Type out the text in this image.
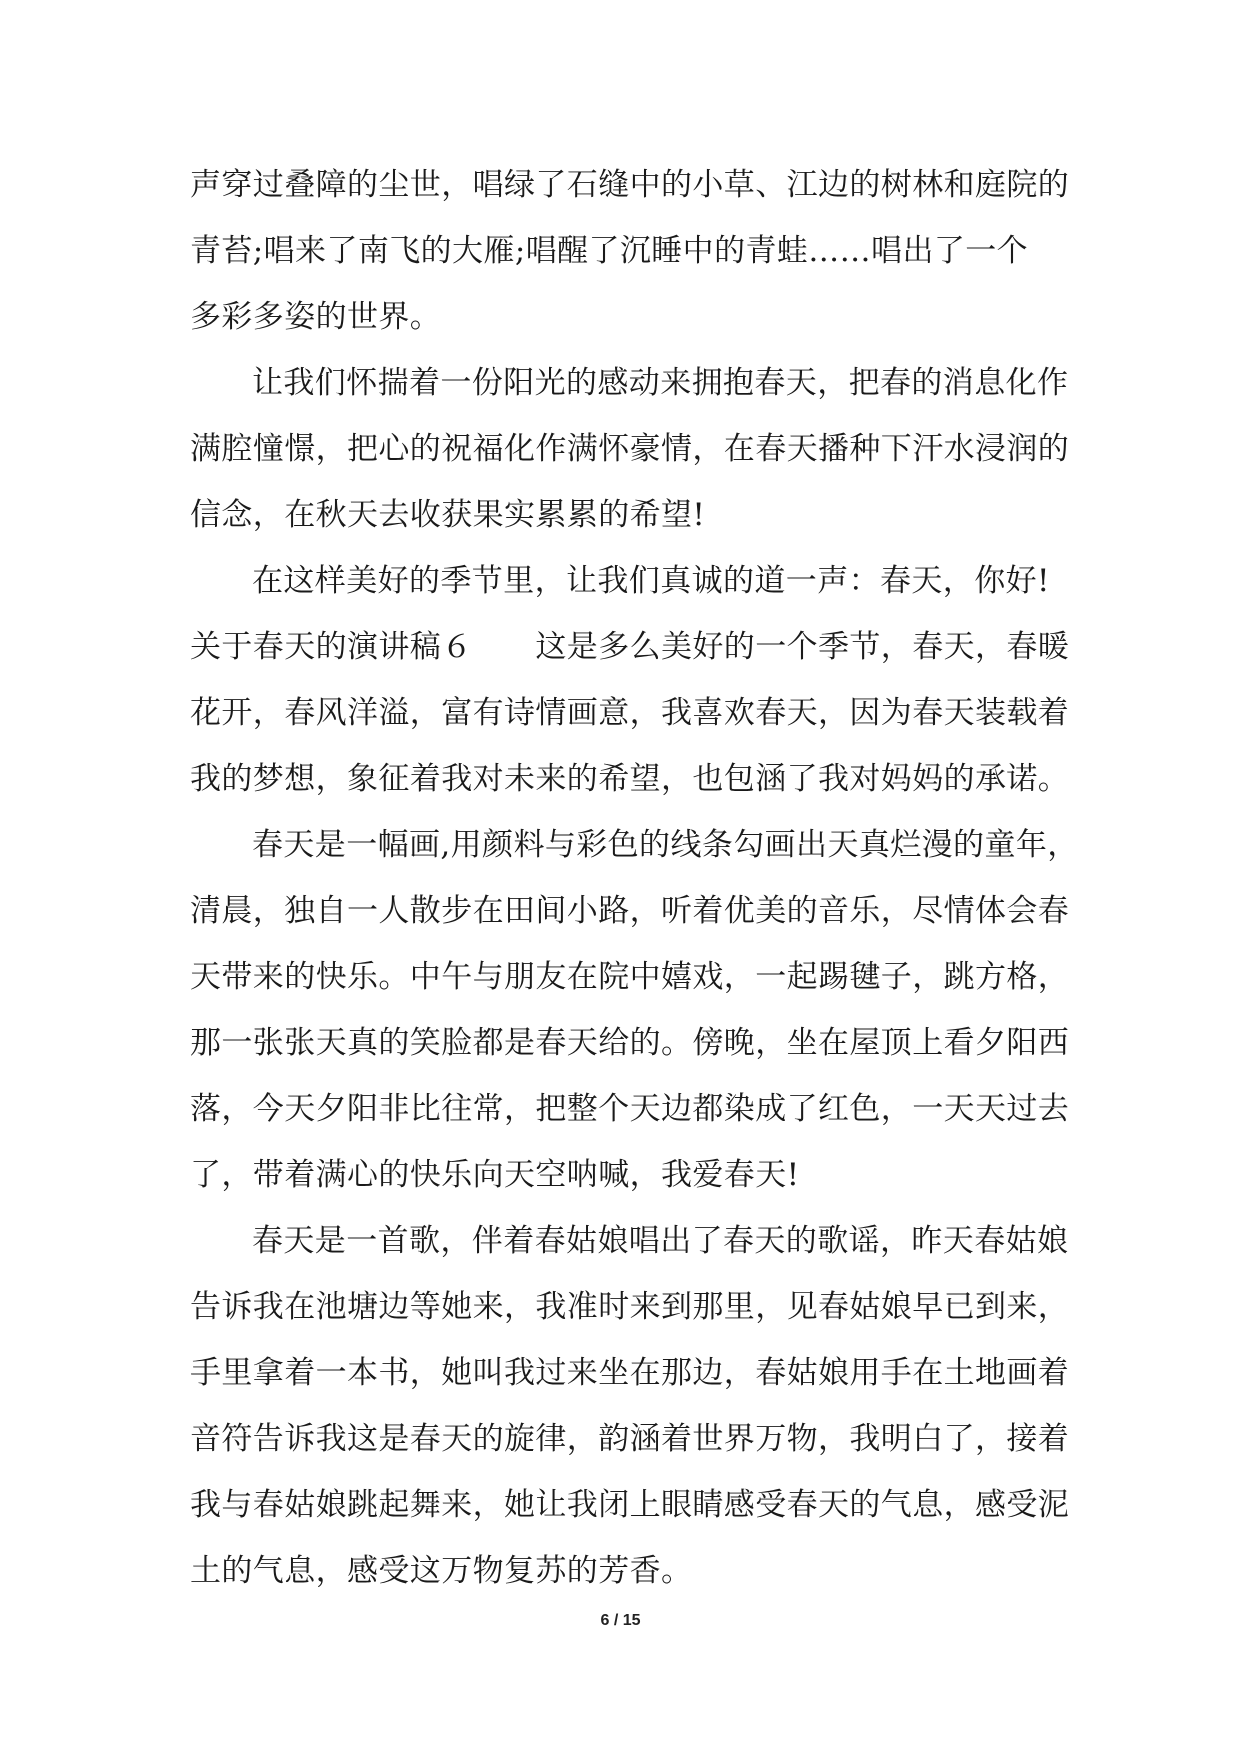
声穿过叠障的尘世，唱绿了石缝中的小草、江边的树林和庭院的
青苔;唱来了南飞的大雁;唱醒了沉睡中的青蛙……唱出了一个
多彩多姿的世界。
让我们怀揣着一份阳光的感动来拥抱春天，把春的消息化作
满腔憧憬，把心的祝福化作满怀豪情，在春天播种下汗水浸润的
信念，在秋天去收获果实累累的希望!
在这样美好的季节里，让我们真诚的道一声：春天，你好!
关于春天的演讲稿６　　这是多么美好的一个季节，春天，春暖
花开，春风洋溢，富有诗情画意，我喜欢春天，因为春天装载着
我的梦想，象征着我对未来的希望，也包涵了我对妈妈的承诺。
春天是一幅画,用颜料与彩色的线条勾画出天真烂漫的童年，
清晨，独自一人散步在田间小路，听着优美的音乐，尽情体会春
天带来的快乐。中午与朋友在院中嬉戏，一起踢毽子，跳方格，
那一张张天真的笑脸都是春天给的。傍晚，坐在屋顶上看夕阳西
落，今天夕阳非比往常，把整个天边都染成了红色，一天天过去
了，带着满心的快乐向天空呐喊，我爱春天!
春天是一首歌，伴着春姑娘唱出了春天的歌谣，昨天春姑娘
告诉我在池塘边等她来，我准时来到那里，见春姑娘早已到来，
手里拿着一本书，她叫我过来坐在那边，春姑娘用手在土地画着
音符告诉我这是春天的旋律，韵涵着世界万物，我明白了，接着
我与春姑娘跳起舞来，她让我闭上眼睛感受春天的气息，感受泥
土的气息，感受这万物复苏的芳香。
6 / 15
